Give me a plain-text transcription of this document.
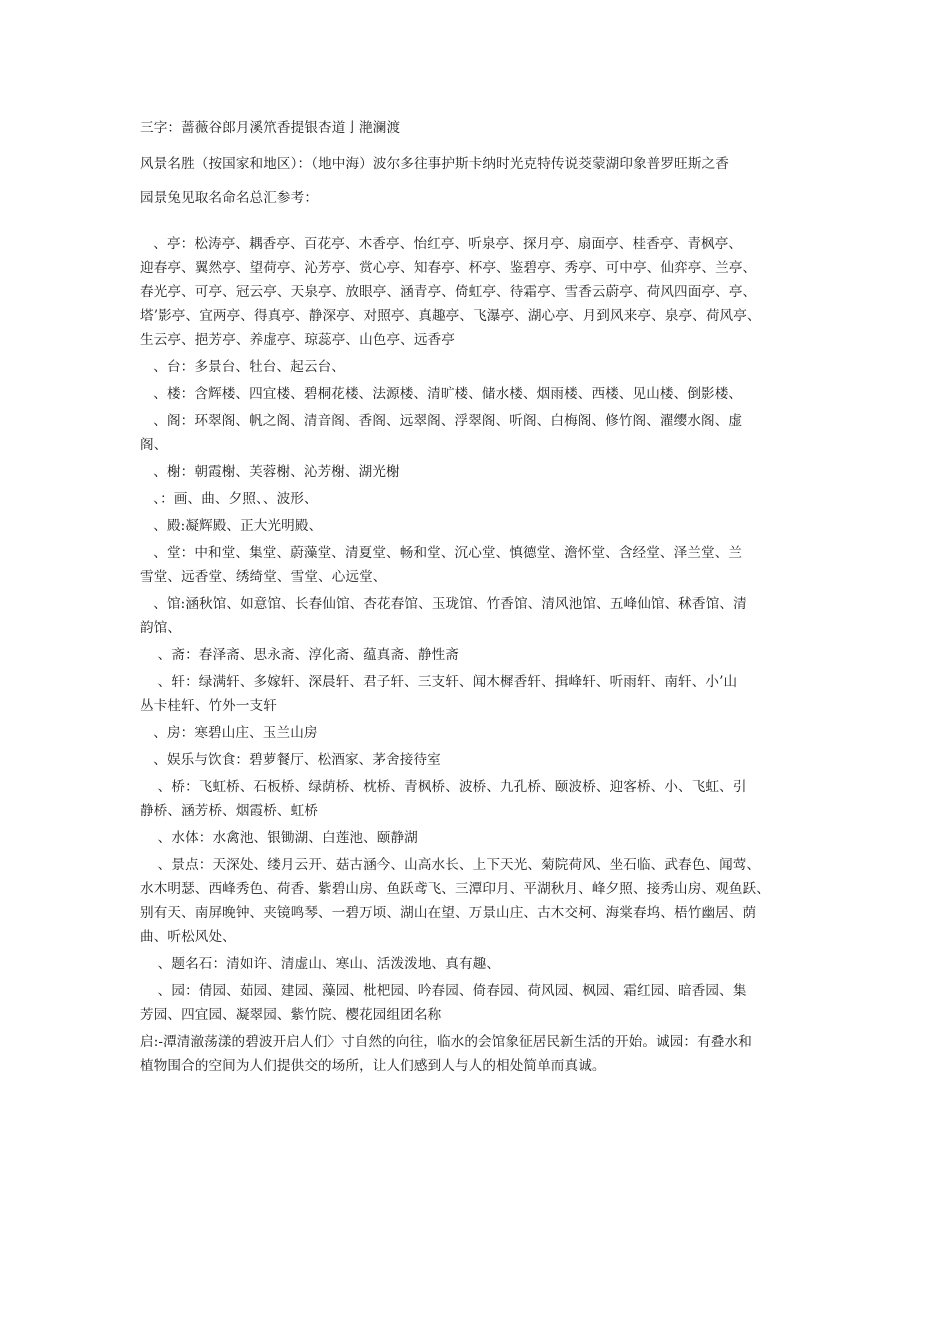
三字：蔷薇谷郎月溪笊香提银杏道亅滟澜渡
风景名胜（按国家和地区）：（地中海）波尔多往事护斯卡纳时光克特传说茭蒙湖印象普罗旺斯之香
园景兔见取名命名总汇参考：
、亭：松涛亭、耦香亭、百花亭、木香亭、怡红亭、听泉亭、探月亭、扇面亭、桂香亭、青枫亭、
迎春亭、翼然亭、望荷亭、沁芳亭、赏心亭、知春亭、杯亭、鉴碧亭、秀亭、可中亭、仙弈亭、兰亭、
春光亭、可亭、冠云亭、天泉亭、放眼亭、涵青亭、倚虹亭、待霜亭、雪香云蔚亭、荷风四面亭、亭、
塔’影亭、宜两亭、得真亭、静深亭、对照亭、真趣亭、飞瀑亭、湖心亭、月到风来亭、泉亭、荷风亭、
生云亭、挹芳亭、养虚亭、琼蕊亭、山色亭、远香亭
、台：多景台、牡台、起云台、
、楼：含辉楼、四宜楼、碧桐花楼、法源楼、清旷楼、储水楼、烟雨楼、西楼、见山楼、倒影楼、
、阁：环翠阁、帆之阁、清音阁、香阁、远翠阁、浮翠阁、听阁、白梅阁、修竹阁、濯缨水阁、虚
阁、
、榭：朝霞榭、芙蓉榭、沁芳榭、湖光榭
、：画、曲、夕照、、波形、
、殿:凝辉殿、正大光明殿、
、堂：中和堂、集堂、蔚藻堂、清夏堂、畅和堂、沉心堂、慎德堂、澹怀堂、含经堂、泽兰堂、兰
雪堂、远香堂、绣绮堂、雪堂、心远堂、
、馆:涵秋馆、如意馆、长春仙馆、杏花春馆、玉珑馆、竹香馆、清风池馆、五峰仙馆、秫香馆、清
韵馆、
、斋：春泽斋、思永斋、淳化斋、蕴真斋、静性斋
、轩：绿满轩、多嫁轩、深晨轩、君子轩、三支轩、闻木樨香轩、揖峰轩、听雨轩、南轩、小’山
丛卡桂轩、竹外一支轩
、房：寒碧山庄、玉兰山房
、娱乐与饮食：碧萝餐厅、松酒家、茅舍接待室
、桥：飞虹桥、石板桥、绿荫桥、枕桥、青枫桥、波桥、九孔桥、颐波桥、迎客桥、小、飞虹、引
静桥、涵芳桥、烟霞桥、虹桥
、水体：水禽池、银锄湖、白莲池、颐静湖
、景点：天深处、缕月云开、菇古涵今、山高水长、上下天光、菊院荷风、坐石临、武春色、闻莺、
水木明瑟、西峰秀色、荷香、紫碧山房、鱼跃鸢飞、三潭印月、平湖秋月、峰夕照、接秀山房、观鱼跃、
别有天、南屏晚钟、夹镜鸣琴、一碧万顷、湖山在望、万景山庄、古木交柯、海棠春坞、梧竹幽居、荫
曲、听松风处、
、题名石：清如许、清虚山、寒山、活泼泼地、真有趣、
、园：倩园、茹园、建园、藻园、枇杷园、吟春园、倚春园、荷风园、枫园、霜红园、暗香园、集
芳园、四宜园、凝翠园、紫竹院、樱花园组团名称
启:-潭清澈荡漾的碧波开启人们〉寸自然的向往，临水的会馆象征居民新生活的开始。诚园：有叠水和
植物围合的空间为人们提供交的场所，让人们感到人与人的相处简单而真诚。
